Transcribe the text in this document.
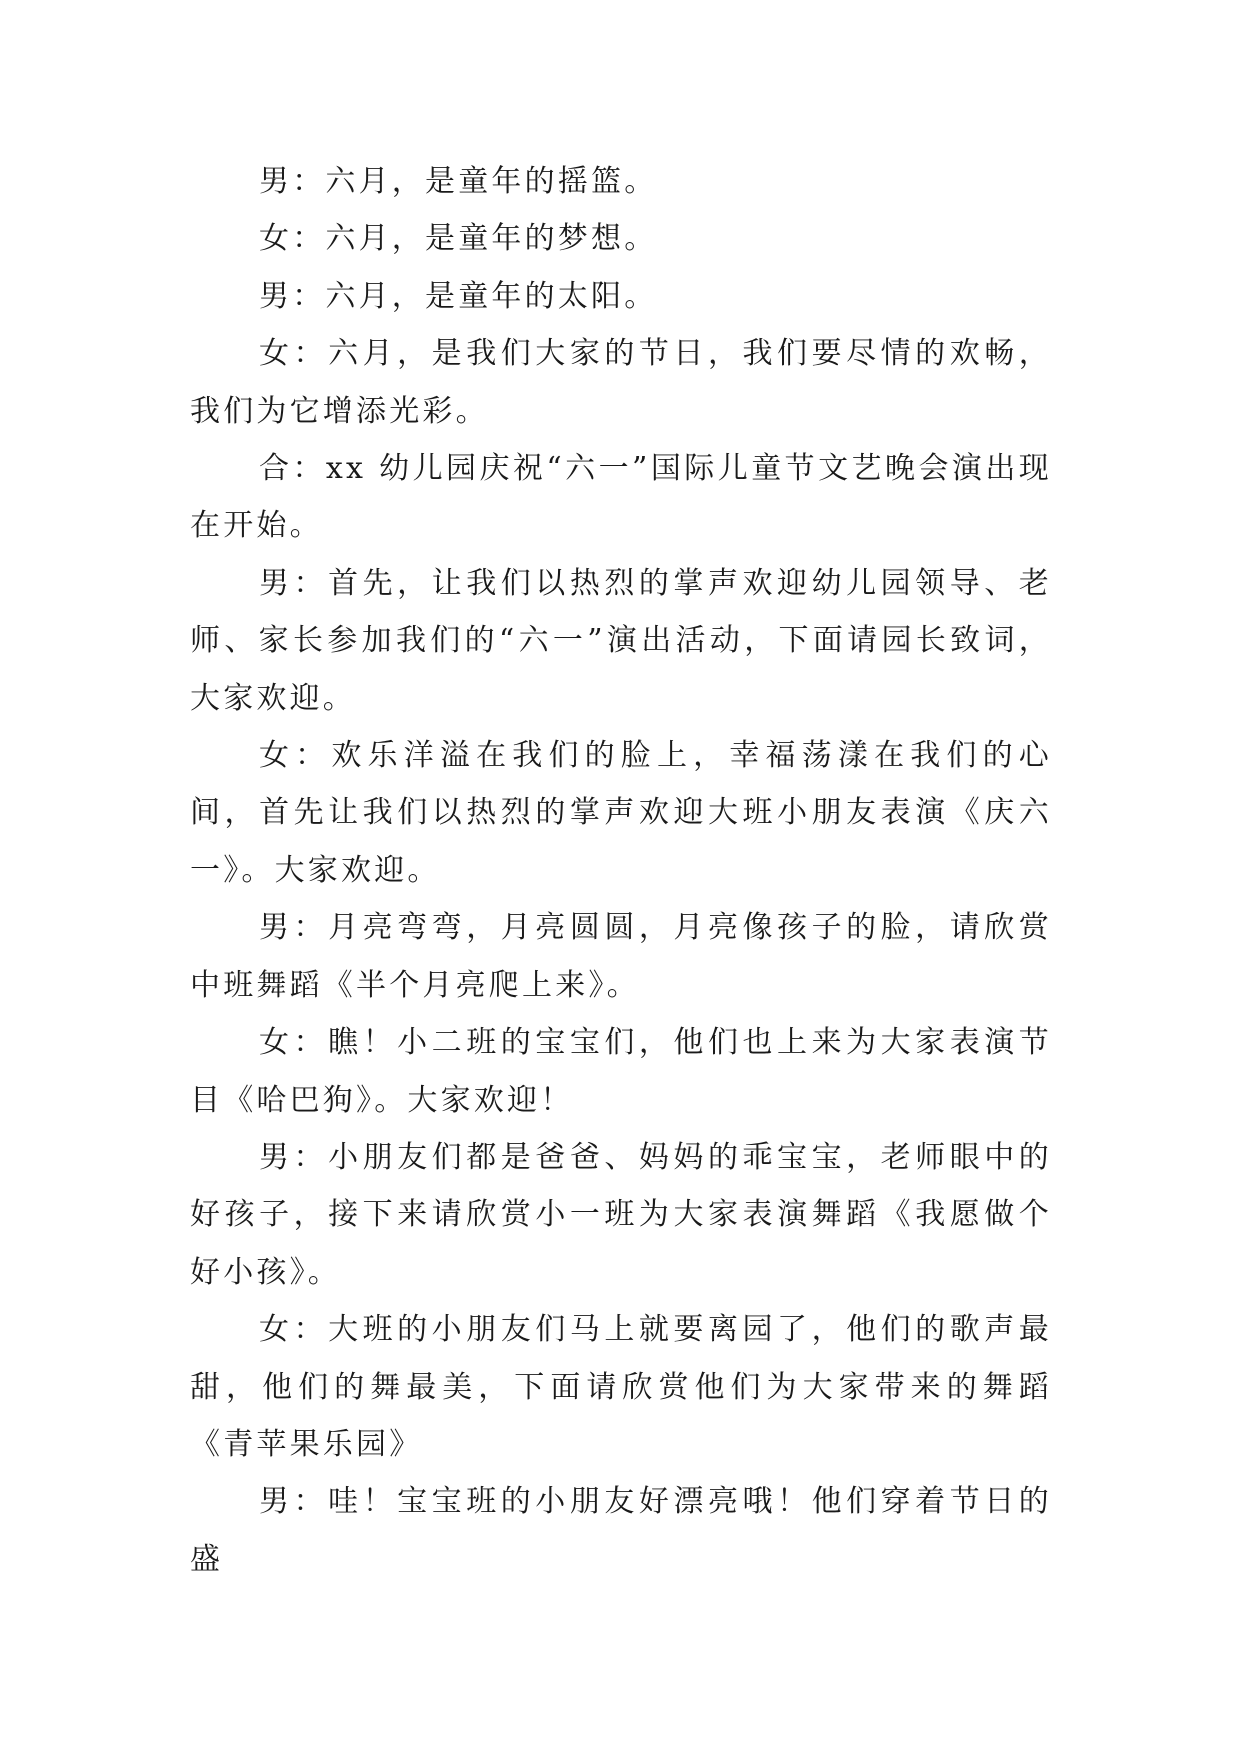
男：六月，是童年的摇篮。

女：六月，是童年的梦想。

男：六月，是童年的太阳。

女：六月，是我们大家的节日，我们要尽情的欢畅，我们为它增添光彩。

合：xx 幼儿园庆祝“六一”国际儿童节文艺晚会演出现在开始。

男：首先，让我们以热烈的掌声欢迎幼儿园领导、老师、家长参加我们的“六一”演出活动，下面请园长致词，大家欢迎。

女：欢乐洋溢在我们的脸上，幸福荡漾在我们的心间，首先让我们以热烈的掌声欢迎大班小朋友表演《庆六一》。大家欢迎。

男：月亮弯弯，月亮圆圆，月亮像孩子的脸，请欣赏中班舞蹈《半个月亮爬上来》。

女：瞧！小二班的宝宝们，他们也上来为大家表演节目《哈巴狗》。大家欢迎！

男：小朋友们都是爸爸、妈妈的乖宝宝，老师眼中的好孩子，接下来请欣赏小一班为大家表演舞蹈《我愿做个好小孩》。

女：大班的小朋友们马上就要离园了，他们的歌声最甜，他们的舞最美，下面请欣赏他们为大家带来的舞蹈《青苹果乐园》

男：哇！宝宝班的小朋友好漂亮哦！他们穿着节日的盛
